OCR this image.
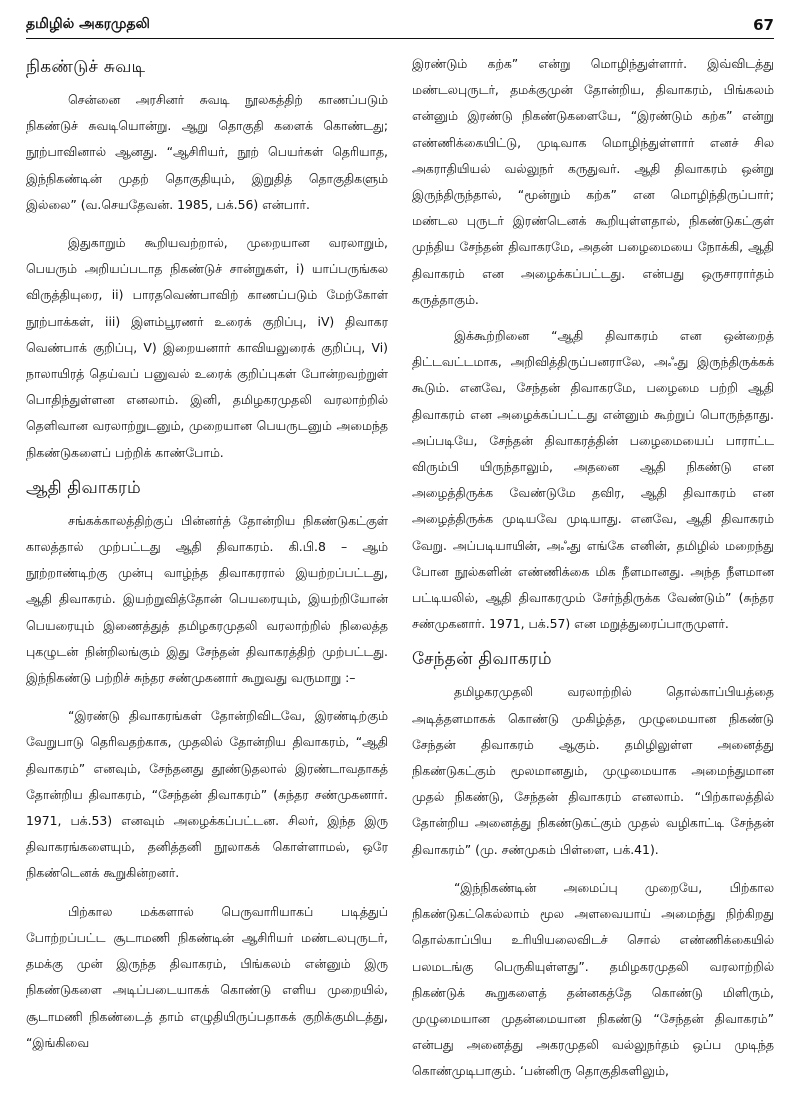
தமிழில் அகரமுதலி	67
நிகண்டுச் சுவடி

சென்னை அரசினர் சுவடி நூலகத்திற் காணப்படும் நிகண்டுச் சுவடியொன்று. ஆறு தொகுதி களைக் கொண்டது; நூற்பாவினால் ஆனது. “ஆசிரியர், நூற் பெயர்கள் தெரியாத, இந்நிகண்டின் முதற் தொகுதியும், இறுதித் தொகுதிகளும் இல்லை” (வ.செயதேவன். 1985, பக்.56) என்பார்.

இதுகாறும் கூறியவற்றால், முறையான வரலாறும், பெயரும் அறியப்படாத நிகண்டுச் சான்றுகள், i) யாப்பருங்கல விருத்தியுரை, ii) பாரதவெண்பாவிற் காணப்படும் மேற்கோள் நூற்பாக்கள், iii) இளம்பூரணர் உரைக் குறிப்பு, iV) திவாகர வெண்பாக் குறிப்பு, V) இறையனார் காவியலுரைக் குறிப்பு, Vi) நாலாயிரத் தெய்வப் பனுவல் உரைக் குறிப்புகள் போன்றவற்றுள் பொதிந்துள்ளன எனலாம். இனி, தமிழகரமுதலி வரலாற்றில் தெளிவான வரலாற்றுடனும், முறையான பெயருடனும் அமைந்த நிகண்டுகளைப் பற்றிக் காண்போம்.

ஆதி திவாகரம்

சங்கக்காலத்திற்குப் பின்னர்த் தோன்றிய நிகண்டுகட்குள் காலத்தால் முற்பட்டது ஆதி திவாகரம். கி.பி.8 – ஆம் நூற்றாண்டிற்கு முன்பு வாழ்ந்த திவாகரரால் இயற்றப்பட்டது, ஆதி திவாகரம். இயற்றுவித்தோன் பெயரையும், இயற்றியோன் பெயரையும் இணைத்துத் தமிழகரமுதலி வரலாற்றில் நிலைத்த புகழுடன் நின்றிலங்கும் இது சேந்தன் திவாகரத்திற் முற்பட்டது. இந்நிகண்டு பற்றிச் சுந்தர சண்முகனார் கூறுவது வருமாறு :–

“இரண்டு திவாகரங்கள் தோன்றிவிடவே, இரண்டிற்கும் வேறுபாடு தெரிவதற்காக, முதலில் தோன்றிய திவாகரம், “ஆதி திவாகரம்” எனவும், சேந்தனது தூண்டுதலால் இரண்டாவதாகத் தோன்றிய திவாகரம், “சேந்தன் திவாகரம்” (சுந்தர சண்முகனார். 1971, பக்.53) எனவும் அழைக்கப்பட்டன. சிலர், இந்த இரு திவாகரங்களையும், தனித்தனி நூலாகக் கொள்ளாமல், ஒரே நிகண்டெனக் கூறுகின்றனர்.

பிற்கால மக்களால் பெருவாரியாகப் படித்துப் போற்றப்பட்ட சூடாமணி நிகண்டின் ஆசிரியர் மண்டலபுருடர், தமக்கு முன் இருந்த திவாகரம், பிங்கலம் என்னும் இரு நிகண்டுகளை அடிப்படையாகக் கொண்டு எளிய முறையில், சூடாமணி நிகண்டைத் தாம் எழுதியிருப்பதாகக் குறிக்குமிடத்து, “இங்கிவை

இரண்டும் கற்க” என்று மொழிந்துள்ளார். இவ்விடத்து மண்டலபுருடர், தமக்குமுன் தோன்றிய, திவாகரம், பிங்கலம் என்னும் இரண்டு நிகண்டுகளையே, “இரண்டும் கற்க” என்று எண்ணிக்கையிட்டு, முடிவாக மொழிந்துள்ளார் எனச் சில அகராதியியல் வல்லுநர் கருதுவர். ஆதி திவாகரம் ஒன்று இருந்திருந்தால், “மூன்றும் கற்க” என மொழிந்திருப்பார்; மண்டல புருடர் இரண்டெனக் கூறியுள்ளதால், நிகண்டுகட்குள் முந்திய சேந்தன் திவாகரமே, அதன் பழைமையை நோக்கி, ஆதி திவாகரம் என அழைக்கப்பட்டது. என்பது ஒருசாரார்தம் கருத்தாகும்.

இக்கூற்றினை “ஆதி திவாகரம் என ஒன்றைத் திட்டவட்டமாக, அறிவித்திருப்பனராலே, அஃது இருந்திருக்கக் கூடும். எனவே, சேந்தன் திவாகரமே, பழைமை பற்றி ஆதி திவாகரம் என அழைக்கப்பட்டது என்னும் கூற்றுப் பொருந்தாது. அப்படியே, சேந்தன் திவாகரத்தின் பழைமையைப் பாராட்ட விரும்பி யிருந்தாலும், அதனை ஆதி நிகண்டு என அழைத்திருக்க வேண்டுமே தவிர, ஆதி திவாகரம் என அழைத்திருக்க முடியவே முடியாது. எனவே, ஆதி திவாகரம் வேறு. அப்படியாயின், அஃது எங்கே எனின், தமிழில் மறைந்து போன நூல்களின் எண்ணிக்கை மிக நீளமானது. அந்த நீளமான பட்டியலில், ஆதி திவாகரமும் சேர்ந்திருக்க வேண்டும்” (சுந்தர சண்முகனார். 1971, பக்.57) என மறுத்துரைப்பாருமுளர்.

சேந்தன் திவாகரம்

தமிழகரமுதலி வரலாற்றில் தொல்காப்பியத்தை அடித்தளமாகக் கொண்டு முகிழ்த்த, முழுமையான நிகண்டு சேந்தன் திவாகரம் ஆகும். தமிழிலுள்ள அனைத்து நிகண்டுகட்கும் மூலமானதும், முழுமையாக அமைந்துமான முதல் நிகண்டு, சேந்தன் திவாகரம் எனலாம். “பிற்காலத்தில் தோன்றிய அனைத்து நிகண்டுகட்கும் முதல் வழிகாட்டி சேந்தன் திவாகரம்” (மு. சண்முகம் பிள்ளை, பக்.41).

“இந்நிகண்டின் அமைப்பு முறையே, பிற்கால நிகண்டுகட்கெல்லாம் மூல அளவையாய் அமைந்து நிற்கிறது தொல்காப்பிய உரியியலைவிடச் சொல் எண்ணிக்கையில் பலமடங்கு பெருகியுள்ளது”. தமிழகரமுதலி வரலாற்றில் நிகண்டுக் கூறுகளைத் தன்னகத்தே கொண்டு மிளிரும், முழுமையான முதன்மையான நிகண்டு “சேந்தன் திவாகரம்” என்பது அனைத்து அகரமுதலி வல்லுநர்தம் ஒப்ப முடிந்த கொண்முடிபாகும். ‘பன்னிரு தொகுதிகளிலும்,
